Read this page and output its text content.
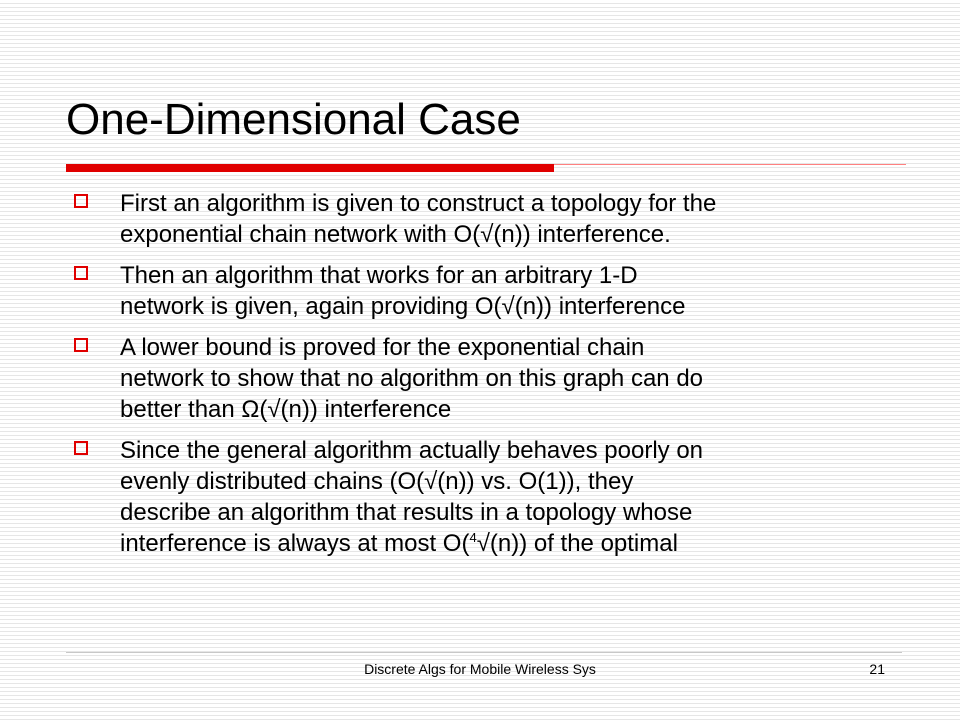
One-Dimensional Case
First an algorithm is given to construct a topology for the
exponential chain network with O(√(n)) interference.
Then an algorithm that works for an arbitrary 1-D
network is given, again providing O(√(n)) interference
A lower bound is proved for the exponential chain
network to show that no algorithm on this graph can do
better than Ω(√(n)) interference
Since the general algorithm actually behaves poorly on
evenly distributed chains (O(√(n)) vs. O(1)), they
describe an algorithm that results in a topology whose
interference is always at most O($^4$√(n)) of the optimal
Discrete Algs for Mobile Wireless Sys	21
